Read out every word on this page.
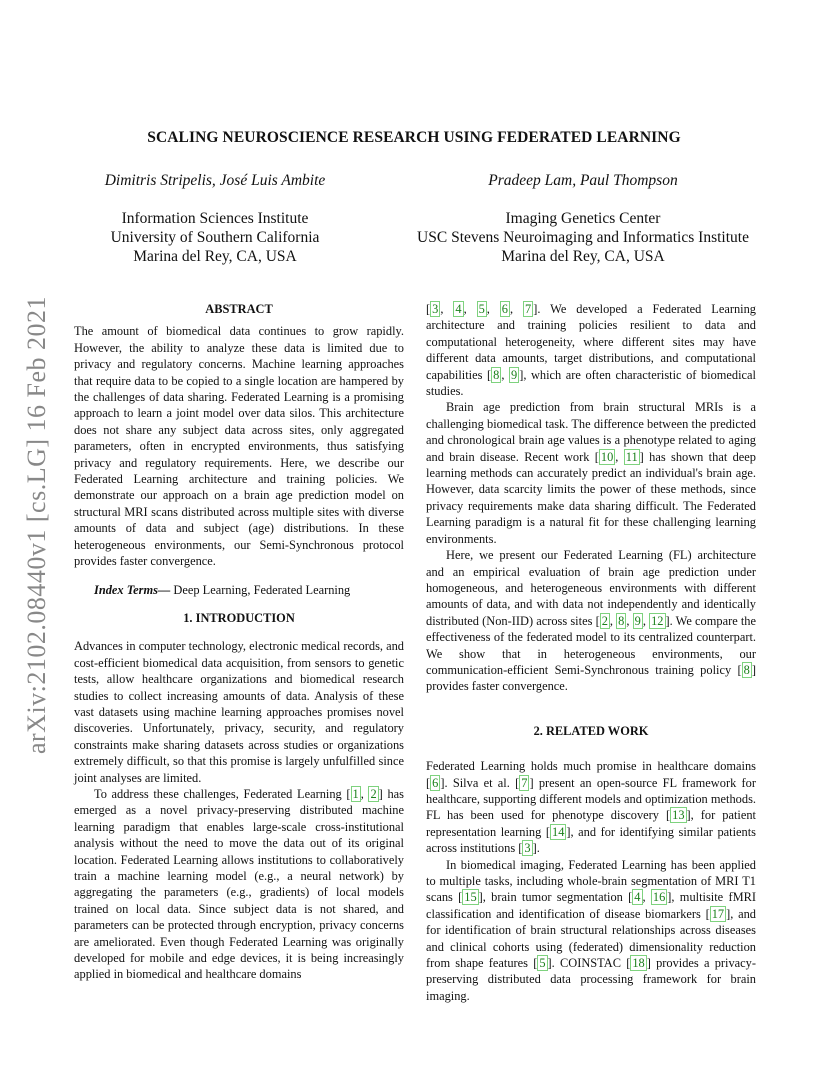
arXiv:2102.08440v1 [cs.LG] 16 Feb 2021
SCALING NEUROSCIENCE RESEARCH USING FEDERATED LEARNING
Dimitris Stripelis, José Luis Ambite	Pradeep Lam, Paul Thompson
Information Sciences Institute
University of Southern California
Marina del Rey, CA, USA
Imaging Genetics Center
USC Stevens Neuroimaging and Informatics Institute
Marina del Rey, CA, USA
ABSTRACT

The amount of biomedical data continues to grow rapidly. However, the ability to analyze these data is limited due to privacy and regulatory concerns. Machine learning approaches that require data to be copied to a single location are hampered by the challenges of data sharing. Federated Learning is a promising approach to learn a joint model over data silos. This architecture does not share any subject data across sites, only aggregated parameters, often in encrypted environments, thus satisfying privacy and regulatory requirements. Here, we describe our Federated Learning architecture and training policies. We demonstrate our approach on a brain age prediction model on structural MRI scans distributed across multiple sites with diverse amounts of data and subject (age) distributions. In these heterogeneous environments, our Semi-Synchronous protocol provides faster convergence.

Index Terms— Deep Learning, Federated Learning

1. INTRODUCTION

Advances in computer technology, electronic medical records, and cost-efficient biomedical data acquisition, from sensors to genetic tests, allow healthcare organizations and biomedical research studies to collect increasing amounts of data. Analysis of these vast datasets using machine learning approaches promises novel discoveries. Unfortunately, privacy, security, and regulatory constraints make sharing datasets across studies or organizations extremely difficult, so that this promise is largely unfulfilled since joint analyses are limited.

To address these challenges, Federated Learning [ 1 , 2 ] has emerged as a novel privacy-preserving distributed machine learning paradigm that enables large-scale cross-institutional analysis without the need to move the data out of its original location. Federated Learning allows institutions to collaboratively train a machine learning model (e.g., a neural network) by aggregating the parameters (e.g., gradients) of local models trained on local data. Since subject data is not shared, and parameters can be protected through encryption, privacy concerns are ameliorated. Even though Federated Learning was originally developed for mobile and edge devices, it is being increasingly applied in biomedical and healthcare domains

[ 3 , 4 , 5 , 6 , 7 ]. We developed a Federated Learning architecture and training policies resilient to data and computational heterogeneity, where different sites may have different data amounts, target distributions, and computational capabilities [ 8 , 9 ], which are often characteristic of biomedical studies.

Brain age prediction from brain structural MRIs is a challenging biomedical task. The difference between the predicted and chronological brain age values is a phenotype related to aging and brain disease. Recent work [ 10 , 11 ] has shown that deep learning methods can accurately predict an individual's brain age. However, data scarcity limits the power of these methods, since privacy requirements make data sharing difficult. The Federated Learning paradigm is a natural fit for these challenging learning environments.

Here, we present our Federated Learning (FL) architecture and an empirical evaluation of brain age prediction under homogeneous, and heterogeneous environments with different amounts of data, and with data not independently and identically distributed (Non-IID) across sites [ 2 , 8 , 9 , 12 ]. We compare the effectiveness of the federated model to its centralized counterpart. We show that in heterogeneous environments, our communication-efficient Semi-Synchronous training policy [ 8 ] provides faster convergence.

2. RELATED WORK

Federated Learning holds much promise in healthcare domains [ 6 ]. Silva et al. [ 7 ] present an open-source FL framework for healthcare, supporting different models and optimization methods. FL has been used for phenotype discovery [ 13 ], for patient representation learning [ 14 ], and for identifying similar patients across institutions [ 3 ].

In biomedical imaging, Federated Learning has been applied to multiple tasks, including whole-brain segmentation of MRI T1 scans [ 15 ], brain tumor segmentation [ 4 , 16 ], multisite fMRI classification and identification of disease biomarkers [ 17 ], and for identification of brain structural relationships across diseases and clinical cohorts using (federated) dimensionality reduction from shape features [ 5 ]. COINSTAC [ 18 ] provides a privacy-preserving distributed data processing framework for brain imaging.
